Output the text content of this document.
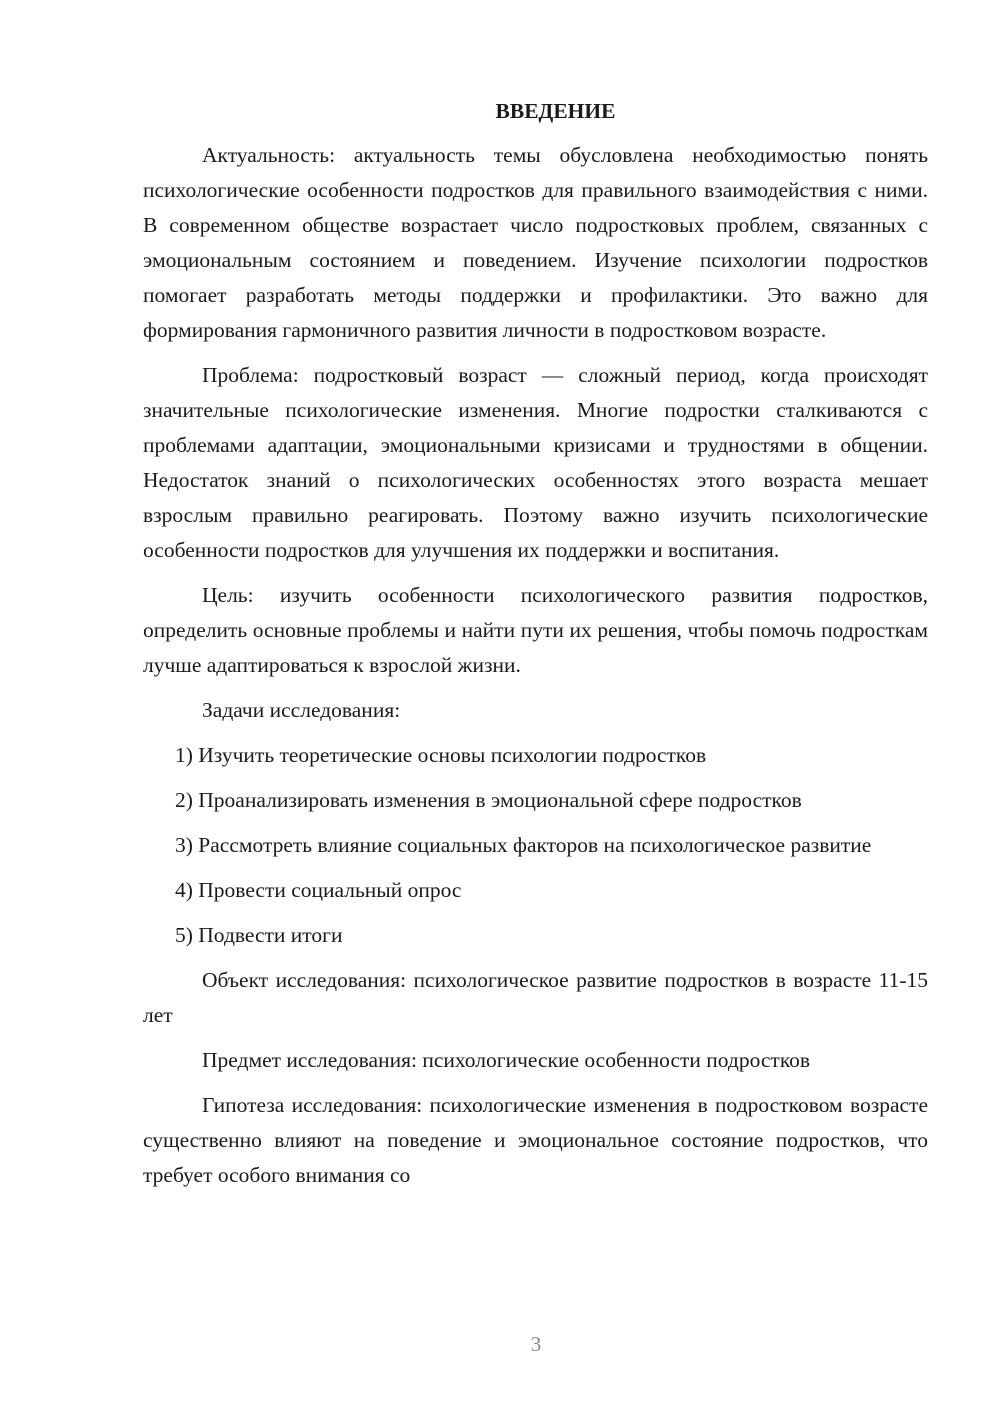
ВВЕДЕНИЕ

Актуальность: актуальность темы обусловлена необходимостью понять психологические особенности подростков для правильного взаимодействия с ними. В современном обществе возрастает число подростковых проблем, связанных с эмоциональным состоянием и поведением. Изучение психологии подростков помогает разработать методы поддержки и профилактики. Это важно для формирования гармоничного развития личности в подростковом возрасте.

Проблема: подростковый возраст — сложный период, когда происходят значительные психологические изменения. Многие подростки сталкиваются с проблемами адаптации, эмоциональными кризисами и трудностями в общении. Недостаток знаний о психологических особенностях этого возраста мешает взрослым правильно реагировать. Поэтому важно изучить психологические особенности подростков для улучшения их поддержки и воспитания.

Цель: изучить особенности психологического развития подростков, определить основные проблемы и найти пути их решения, чтобы помочь подросткам лучше адаптироваться к взрослой жизни.

Задачи исследования:

1) Изучить теоретические основы психологии подростков

2) Проанализировать изменения в эмоциональной сфере подростков

3) Рассмотреть влияние социальных факторов на психологическое развитие

4) Провести социальный опрос

5) Подвести итоги

Объект исследования: психологическое развитие подростков в возрасте 11-15 лет

Предмет исследования: психологические особенности подростков

Гипотеза исследования: психологические изменения в подростковом возрасте существенно влияют на поведение и эмоциональное состояние подростков, что требует особого внимания со

3
